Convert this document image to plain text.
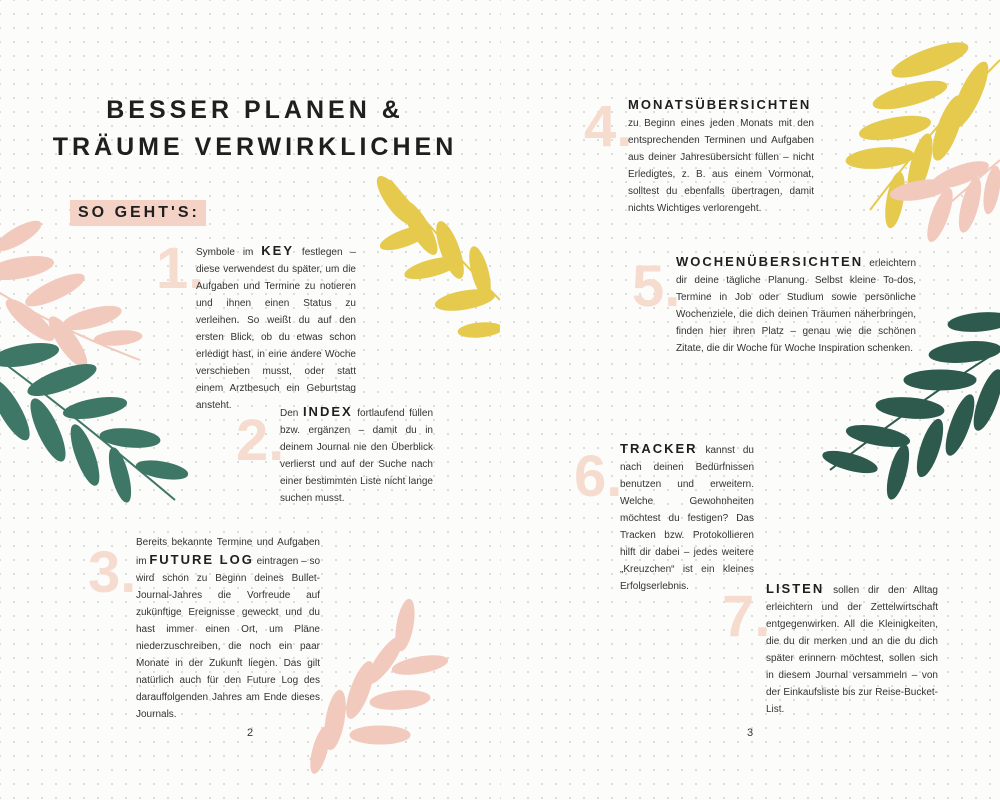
BESSER PLANEN &
TRÄUME VERWIRKLICHEN
SO GEHT'S:
1.

Symbole im KEY festlegen – diese verwendest du später, um die Aufgaben und Termine zu notieren und ihnen einen Status zu verleihen. So weißt du auf den ersten Blick, ob du etwas schon erledigt hast, in eine andere Woche verschieben musst, oder statt einem Arztbesuch ein Geburtstag ansteht.

2.

Den INDEX fortlaufend füllen bzw. ergänzen – damit du in deinem Journal nie den Überblick verlierst und auf der Suche nach einer bestimmten Liste nicht lange suchen musst.

3. Bereits bekannte Termine und Aufgaben im FUTURE LOG eintragen – so wird schon zu Beginn deines Bullet-Journal-Jahres die Vorfreude auf zukünftige Ereignisse geweckt und du hast immer einen Ort, um Pläne niederzuschreiben, die noch ein paar Monate in der Zukunft liegen. Das gilt natürlich auch für den Future Log des darauffolgenden Jahres am Ende dieses Journals.

2
4.

MONATSÜBERSICHTEN zu Beginn eines jeden Monats mit den entsprechenden Terminen und Aufgaben aus deiner Jahresübersicht füllen – nicht Erledigtes, z. B. aus einem Vormonat, solltest du ebenfalls übertragen, damit nichts Wichtiges verlorengeht.

5.

WOCHENÜBERSICHTEN erleichtern dir deine tägliche Planung. Selbst kleine To-dos, Termine in Job oder Studium sowie persönliche Wochenziele, die dich deinen Träumen näherbringen, finden hier ihren Platz – genau wie die schönen Zitate, die dir Woche für Woche Inspiration schenken.

6.

TRACKER kannst du nach deinen Bedürfnissen benutzen und erweitern. Welche Gewohnheiten möchtest du festigen? Das Tracken bzw. Protokollieren hilft dir dabei – jedes weitere „Kreuzchen“ ist ein kleines Erfolgserlebnis. 7.

LISTEN sollen dir den Alltag erleichtern und der Zettelwirtschaft entgegenwirken. All die Kleinigkeiten, die du dir merken und an die du dich später erinnern möchtest, sollen sich in diesem Journal versammeln – von der Einkaufsliste bis zur Reise-Bucket-List.

3
